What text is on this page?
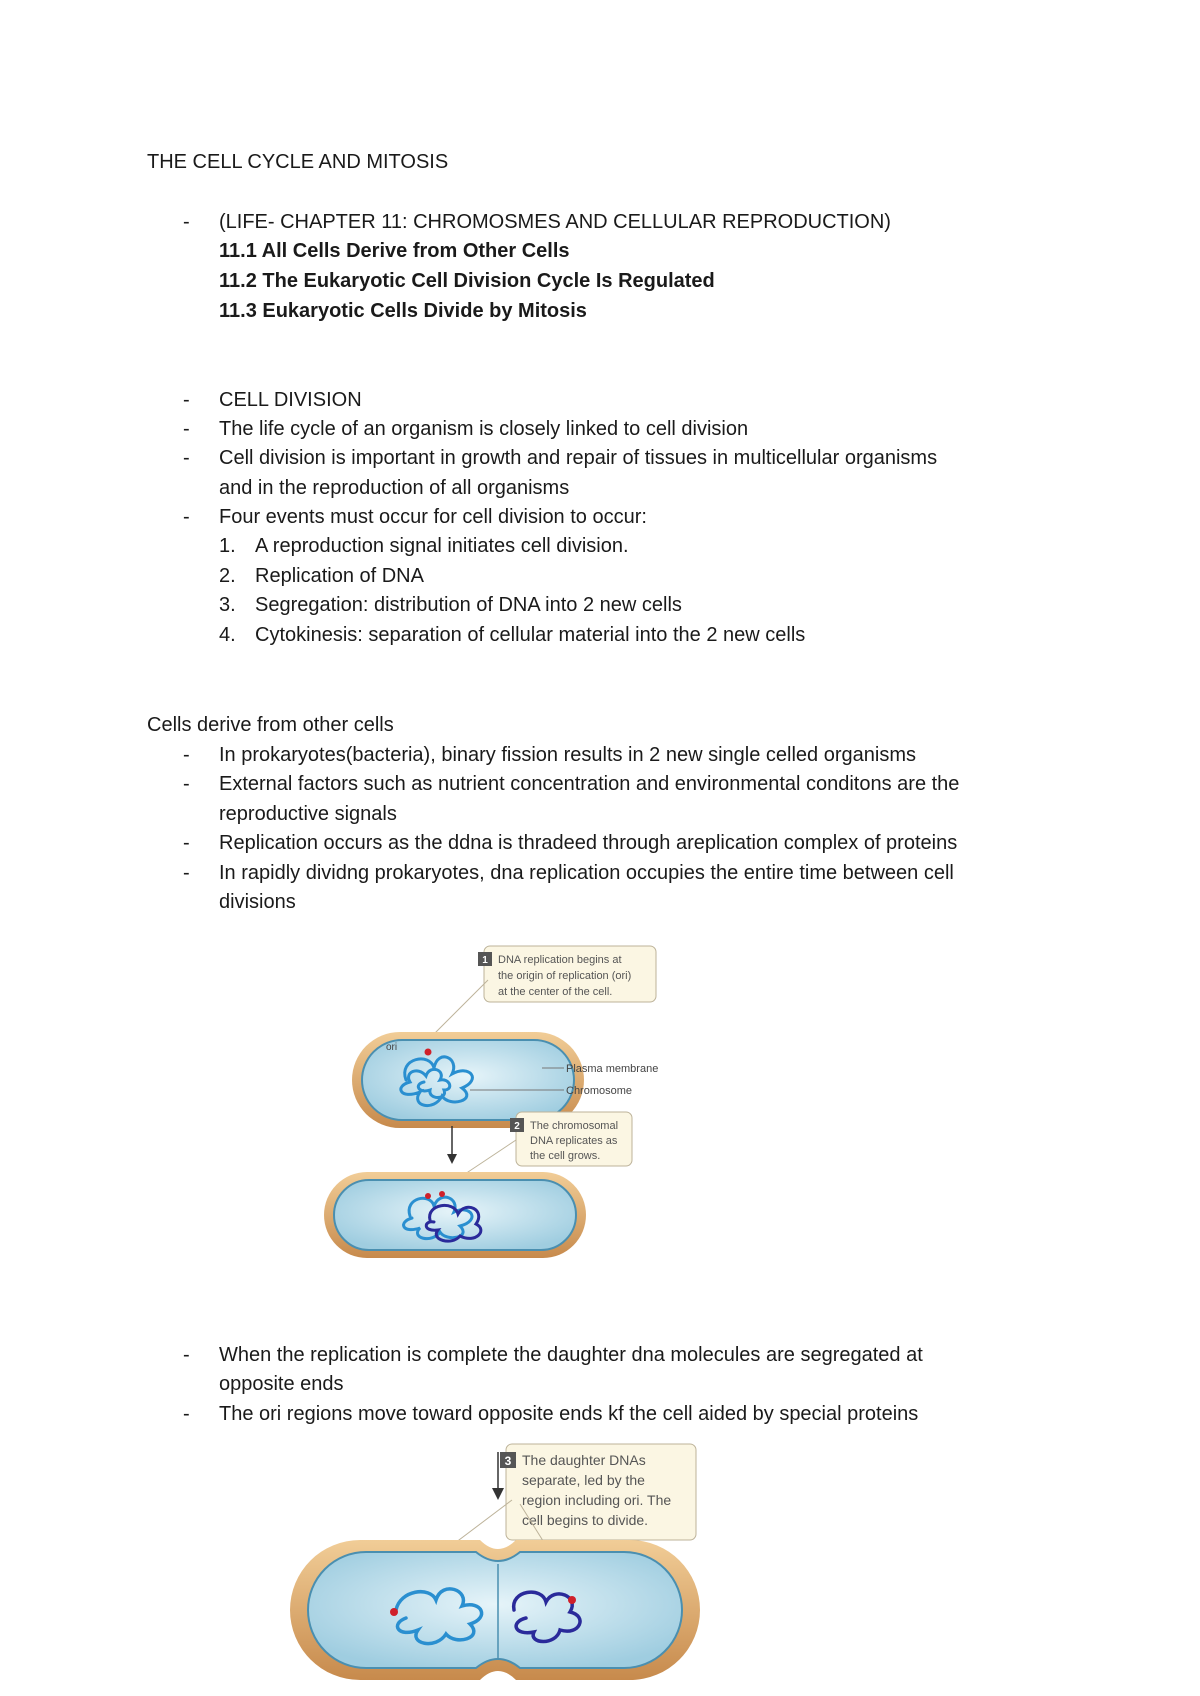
THE CELL CYCLE AND MITOSIS
- (LIFE- CHAPTER 11: CHROMOSMES AND CELLULAR REPRODUCTION)
11.1 All Cells Derive from Other Cells
11.2 The Eukaryotic Cell Division Cycle Is Regulated
11.3 Eukaryotic Cells Divide by Mitosis
- CELL DIVISION
- The life cycle of an organism is closely linked to cell division
- Cell division is important in growth and repair of tissues in multicellular organisms
and in the reproduction of all organisms
- Four events must occur for cell division to occur:
1. A reproduction signal initiates cell division.
2. Replication of DNA
3. Segregation: distribution of DNA into 2 new cells
4. Cytokinesis: separation of cellular material into the 2 new cells
Cells derive from other cells
- In prokaryotes(bacteria), binary fission results in 2 new single celled organisms
- External factors such as nutrient concentration and environmental conditons are the
reproductive signals
- Replication occurs as the ddna is thradeed through areplication complex of proteins
- In rapidly dividng prokaryotes, dna replication occupies the entire time between cell
divisions
1 DNA replication begins at
the origin of replication (ori)
at the center of the cell.
ori
Plasma membrane
Chromosome
2 The chromosomal
DNA replicates as
the cell grows.
- When the replication is complete the daughter dna molecules are segregated at
opposite ends
- The ori regions move toward opposite ends kf the cell aided by special proteins
3 The daughter DNAs
separate, led by the
region including ori. The
cell begins to divide.
